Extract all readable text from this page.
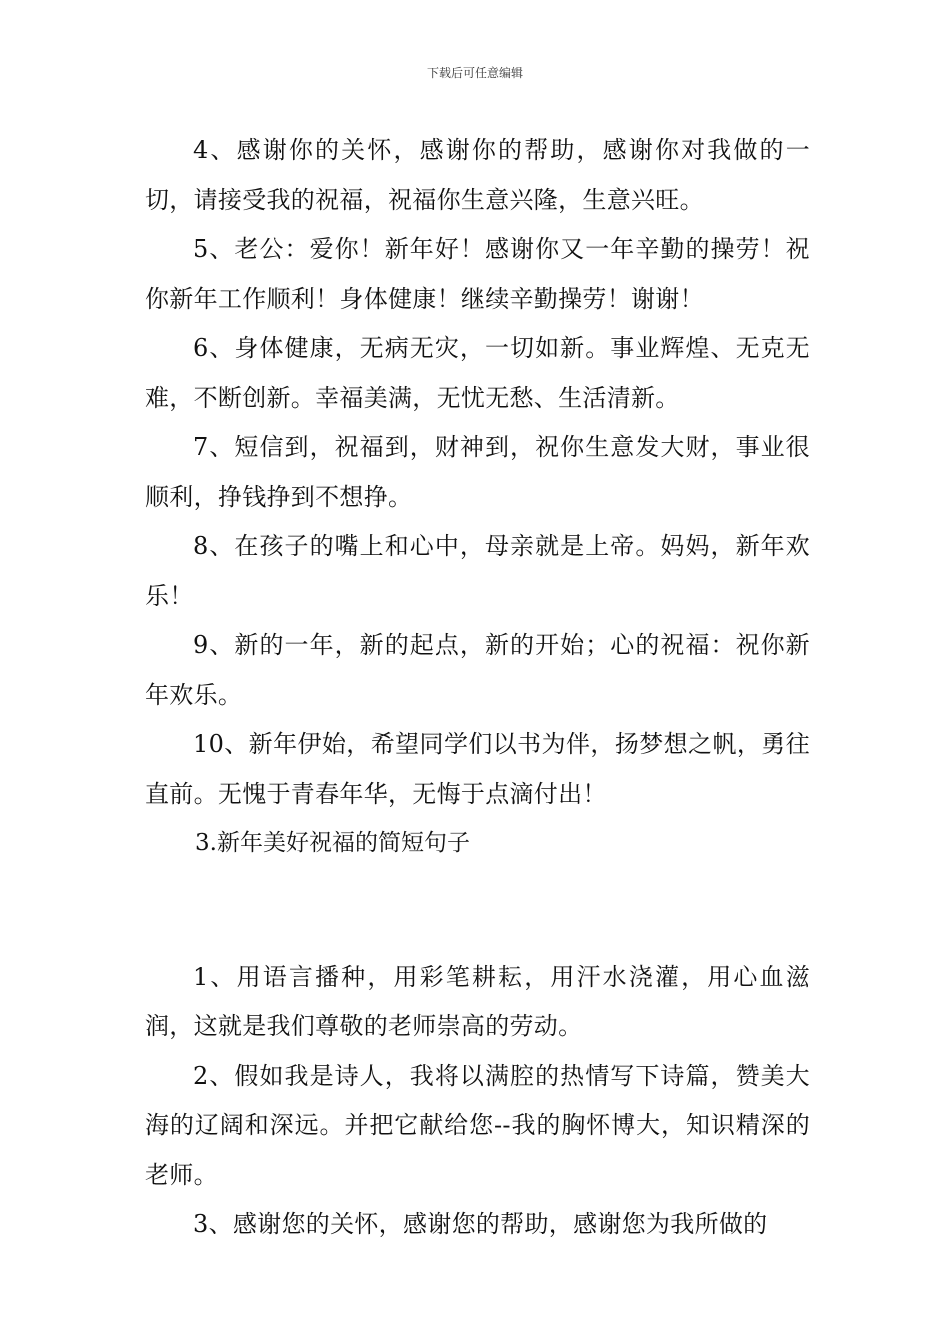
下载后可任意编辑

4、感谢你的关怀，感谢你的帮助，感谢你对我做的一切，请接受我的祝福，祝福你生意兴隆，生意兴旺。

5、老公：爱你！新年好！感谢你又一年辛勤的操劳！祝你新年工作顺利！身体健康！继续辛勤操劳！谢谢！

6、身体健康，无病无灾，一切如新。事业辉煌、无克无难，不断创新。幸福美满，无忧无愁、生活清新。

7、短信到，祝福到，财神到，祝你生意发大财，事业很顺利，挣钱挣到不想挣。

8、在孩子的嘴上和心中，母亲就是上帝。妈妈，新年欢乐！

9、新的一年，新的起点，新的开始；心的祝福：祝你新年欢乐。

10、新年伊始，希望同学们以书为伴，扬梦想之帆，勇往直前。无愧于青春年华，无悔于点滴付出！

3.新年美好祝福的简短句子

1、用语言播种，用彩笔耕耘，用汗水浇灌，用心血滋润，这就是我们尊敬的老师崇高的劳动。

2、假如我是诗人，我将以满腔的热情写下诗篇，赞美大海的辽阔和深远。并把它献给您--我的胸怀博大，知识精深的老师。

3、感谢您的关怀，感谢您的帮助，感谢您为我所做的
